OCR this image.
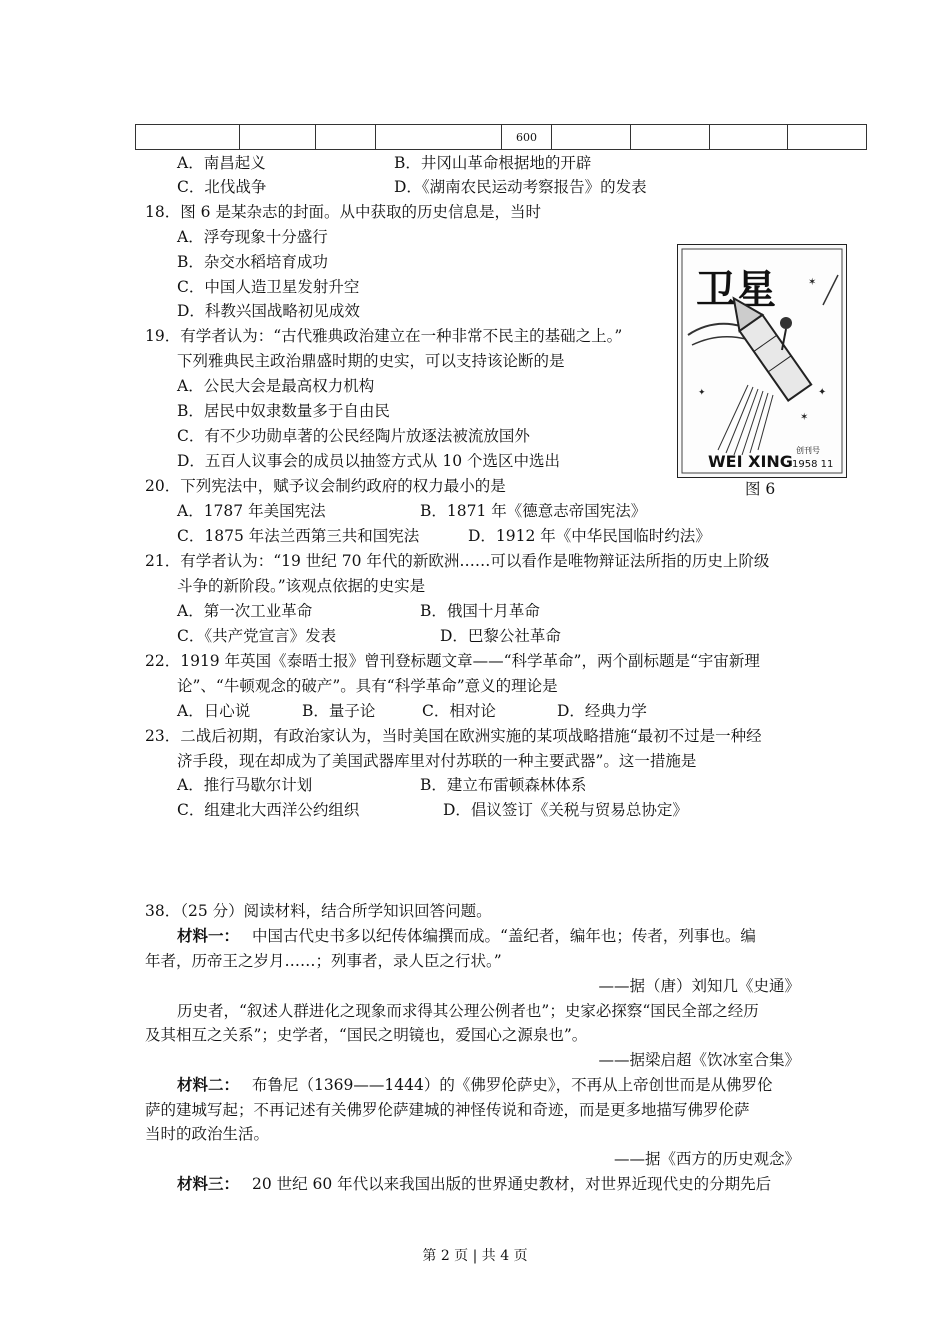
				600				
A．南昌起义	B．井冈山革命根据地的开辟
C．北伐战争	D．《湖南农民运动考察报告》的发表
18．图 6 是某杂志的封面。从中获取的历史信息是，当时
A．浮夸现象十分盛行
B．杂交水稻培育成功
C．中国人造卫星发射升空
D．科教兴国战略初见成效	卫星	✶
✦
✶
✦
WEI XING
创刊号
1958 11
图 6
19．有学者认为：“古代雅典政治建立在一种非常不民主的基础之上。”
下列雅典民主政治鼎盛时期的史实，可以支持该论断的是
A．公民大会是最高权力机构
B．居民中奴隶数量多于自由民
C．有不少功勋卓著的公民经陶片放逐法被流放国外
D．五百人议事会的成员以抽签方式从 10 个选区中选出
20．下列宪法中，赋予议会制约政府的权力最小的是
A．1787 年美国宪法	B．1871 年《德意志帝国宪法》
C．1875 年法兰西第三共和国宪法	D．1912 年《中华民国临时约法》
21．有学者认为：“19 世纪 70 年代的新欧洲……可以看作是唯物辩证法所指的历史上阶级
斗争的新阶段。”该观点依据的史实是
A．第一次工业革命	B．俄国十月革命
C．《共产党宣言》发表	D．巴黎公社革命
22．1919 年英国《泰晤士报》曾刊登标题文章——“科学革命”，两个副标题是“宇宙新理
论”、“牛顿观念的破产”。具有“科学革命”意义的理论是
A．日心说	B．量子论	C．相对论	D．经典力学
23．二战后初期，有政治家认为，当时美国在欧洲实施的某项战略措施“最初不过是一种经
济手段，现在却成为了美国武器库里对付苏联的一种主要武器”。这一措施是
A．推行马歇尔计划	B．建立布雷顿森林体系
C．组建北大西洋公约组织	D．倡议签订《关税与贸易总协定》
38．（25 分）阅读材料，结合所学知识回答问题。
材料一： 中国古代史书多以纪传体编撰而成。“盖纪者，编年也；传者，列事也。编
年者，历帝王之岁月……；列事者，录人臣之行状。”
——据（唐）刘知几《史通》
历史者，“叙述人群进化之现象而求得其公理公例者也”；史家必探察“国民全部之经历
及其相互之关系”；史学者，“国民之明镜也，爱国心之源泉也”。
——据梁启超《饮冰室合集》
材料二： 布鲁尼（1369——1444）的《佛罗伦萨史》，不再从上帝创世而是从佛罗伦
萨的建城写起；不再记述有关佛罗伦萨建城的神怪传说和奇迹，而是更多地描写佛罗伦萨
当时的政治生活。
——据《西方的历史观念》
材料三： 20 世纪 60 年代以来我国出版的世界通史教材，对世界近现代史的分期先后
第 2 页 | 共 4 页
